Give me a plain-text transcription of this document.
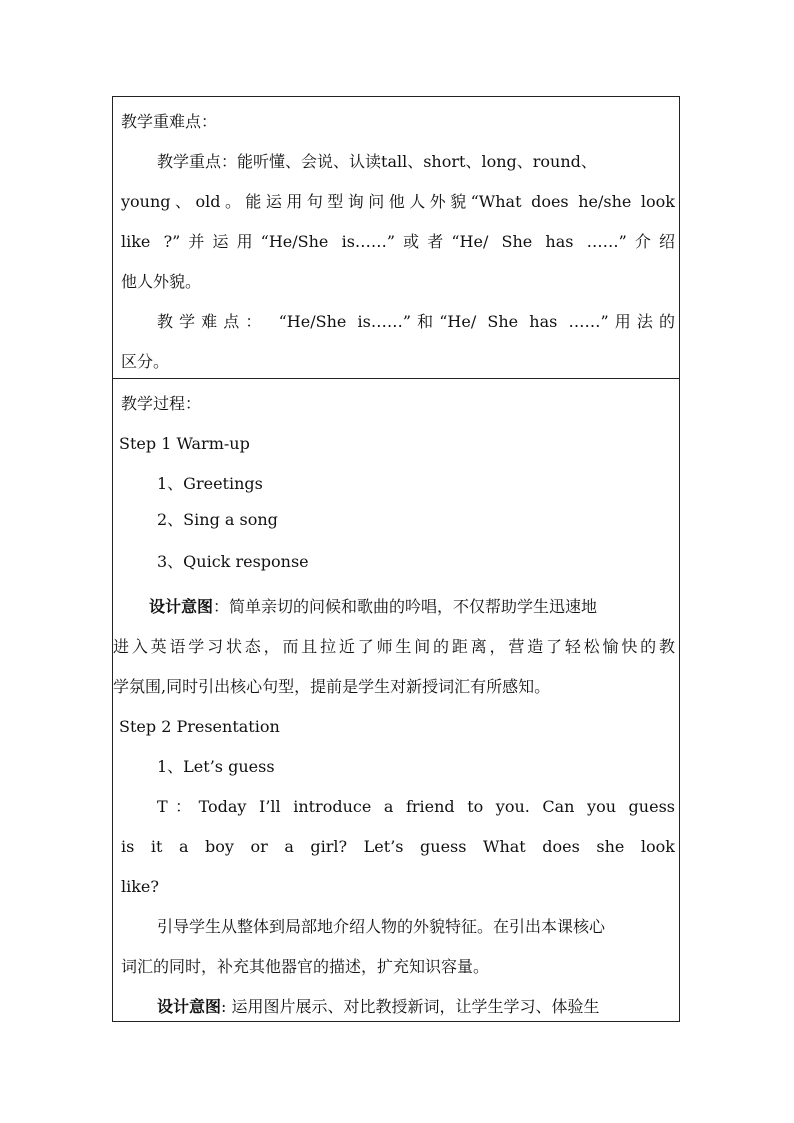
教学重难点：
教学重点：能听懂、会说、认读tall、short、long、round、
young、old。能运用句型询问他人外貌“What does he/she look
like ?”并运用“He/She is……”或者“He/ She has ……”介绍
他人外貌。
教学难点： “He/She is……”和“He/ She has ……”用法的
区分。
教学过程：
Step 1 Warm-up
1、Greetings
2、Sing a song
3、Quick response
设计意图：简单亲切的问候和歌曲的吟唱，不仅帮助学生迅速地
进入英语学习状态，而且拉近了师生间的距离，营造了轻松愉快的教
学氛围,同时引出核心句型，提前是学生对新授词汇有所感知。
Step 2 Presentation
1、Let’s guess
T：Today I’ll introduce a friend to you. Can you guess
is it a boy or a girl? Let’s guess What does she look
like?
引导学生从整体到局部地介绍人物的外貌特征。在引出本课核心
词汇的同时，补充其他器官的描述，扩充知识容量。
设计意图: 运用图片展示、对比教授新词，让学生学习、体验生
